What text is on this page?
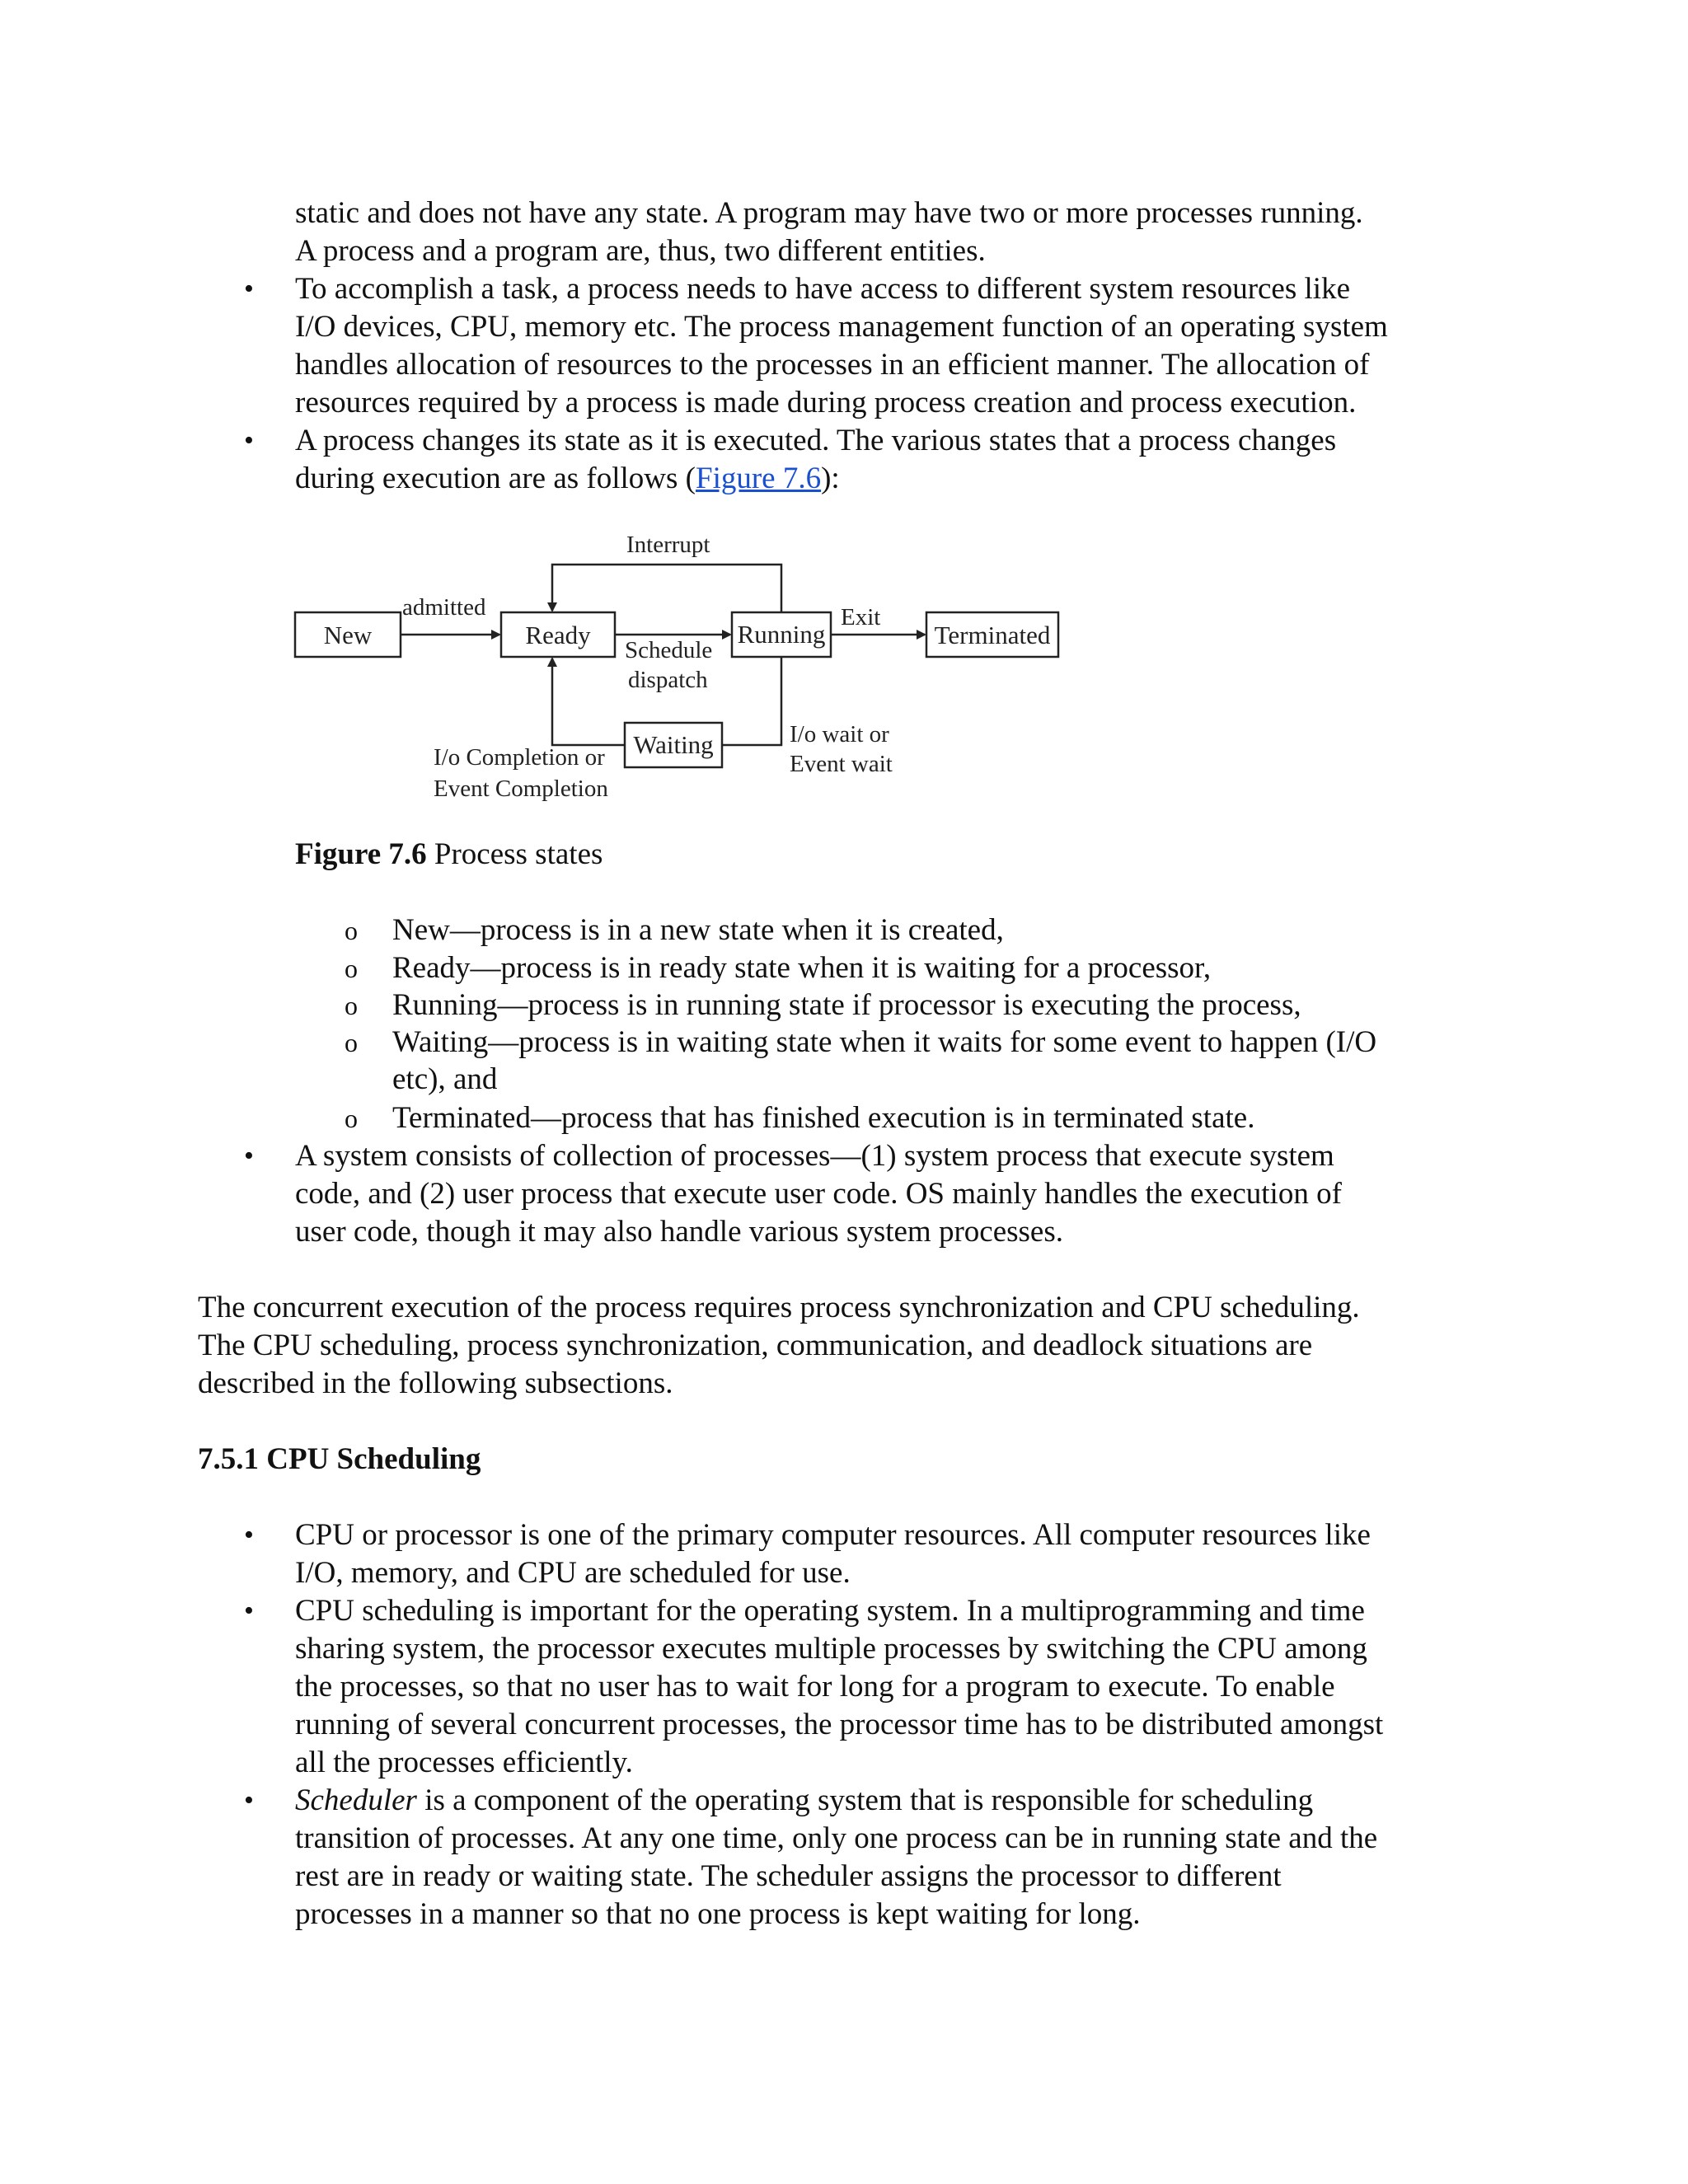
static and does not have any state. A program may have two or more processes running.
A process and a program are, thus, two different entities.
• To accomplish a task, a process needs to have access to different system resources like
I/O devices, CPU, memory etc. The process management function of an operating system
handles allocation of resources to the processes in an efficient manner. The allocation of
resources required by a process is made during process creation and process execution.
• A process changes its state as it is executed. The various states that a process changes
during execution are as follows (Figure 7.6):
New	Ready	Running	Terminated
Waiting
admitted
Interrupt
Exit
Schedule
dispatch
I/o wait or
Event wait
I/o Completion or
Event Completion
Figure 7.6 Process states
o New—process is in a new state when it is created,
o Ready—process is in ready state when it is waiting for a processor,
o Running—process is in running state if processor is executing the process,
o Waiting—process is in waiting state when it waits for some event to happen (I/O
etc), and
o Terminated—process that has finished execution is in terminated state.
• A system consists of collection of processes—(1) system process that execute system
code, and (2) user process that execute user code. OS mainly handles the execution of
user code, though it may also handle various system processes.
The concurrent execution of the process requires process synchronization and CPU scheduling.
The CPU scheduling, process synchronization, communication, and deadlock situations are
described in the following subsections.
7.5.1 CPU Scheduling
• CPU or processor is one of the primary computer resources. All computer resources like
I/O, memory, and CPU are scheduled for use.
• CPU scheduling is important for the operating system. In a multiprogramming and time
sharing system, the processor executes multiple processes by switching the CPU among
the processes, so that no user has to wait for long for a program to execute. To enable
running of several concurrent processes, the processor time has to be distributed amongst
all the processes efficiently.
• Scheduler is a component of the operating system that is responsible for scheduling
transition of processes. At any one time, only one process can be in running state and the
rest are in ready or waiting state. The scheduler assigns the processor to different
processes in a manner so that no one process is kept waiting for long.
